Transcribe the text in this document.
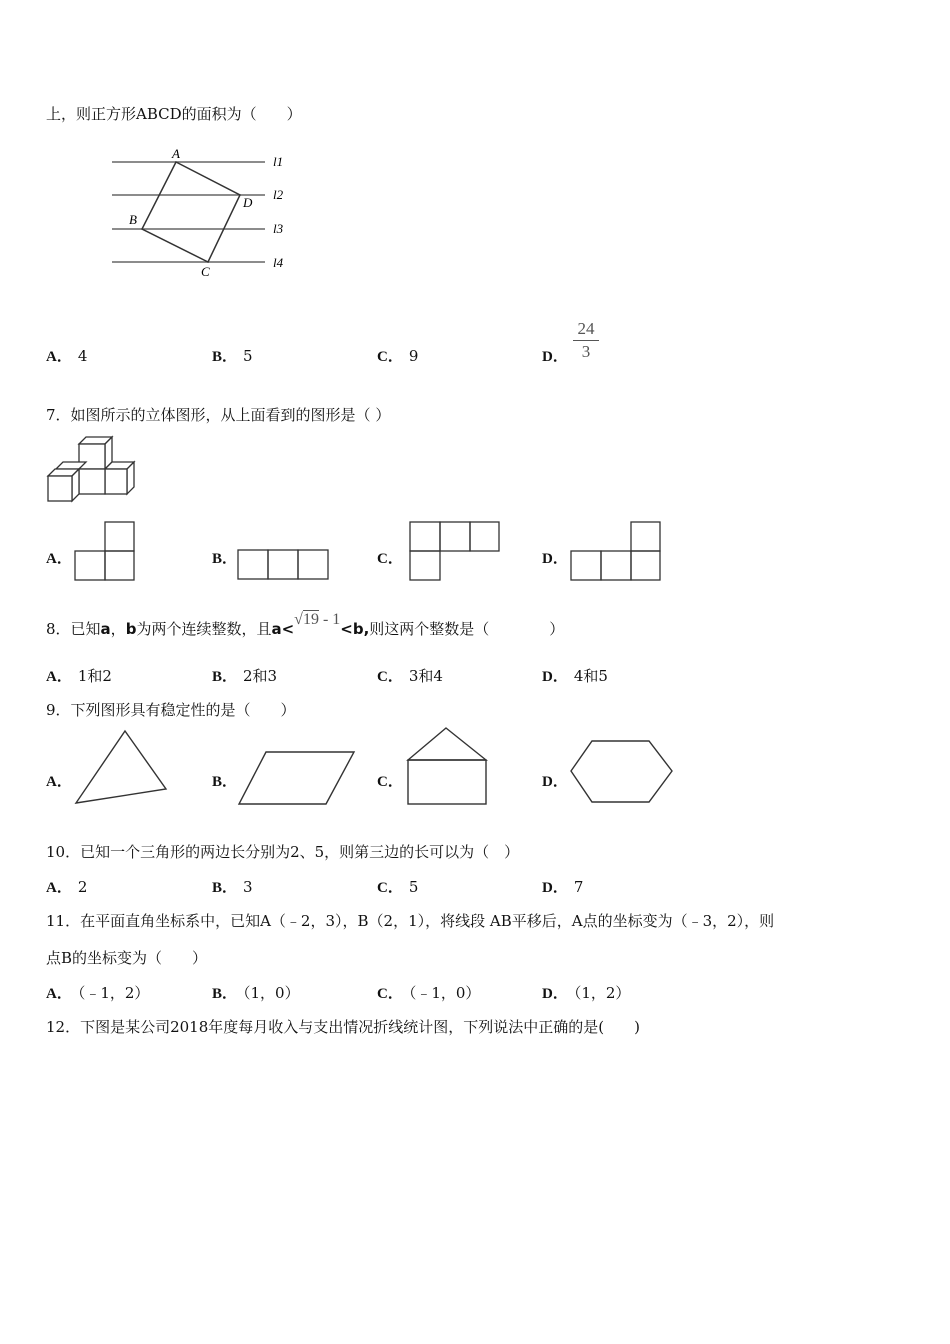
上，则正方形ABCD的面积为（　　）
A
D
B
C
l1
l2
l3
l4
A． 4	B． 5	C． 9	D．
24
3
7．如图所示的立体图形，从上面看到的图形是（ ）
A．	B．	C．	D．
8．已知a，b为两个连续整数，且a<√19 - 1<b,则这两个整数是（　　　　）
A． 1和2	B． 2和3	C． 3和4	D． 4和5
9．下列图形具有稳定性的是（　　）
A．	B．	C．	D．
10．已知一个三角形的两边长分别为2、5，则第三边的长可以为（　）
A． 2	B． 3	C． 5	D． 7
11．在平面直角坐标系中，已知A（﹣2，3），B（2，1），将线段 AB平移后，A点的坐标变为（﹣3，2），则
点B的坐标变为（　　）
A． （﹣1，2）	B． （1，0）	C． （﹣1，0）	D． （1，2）
12．下图是某公司2018年度每月收入与支出情况折线统计图，下列说法中正确的是(　　)
